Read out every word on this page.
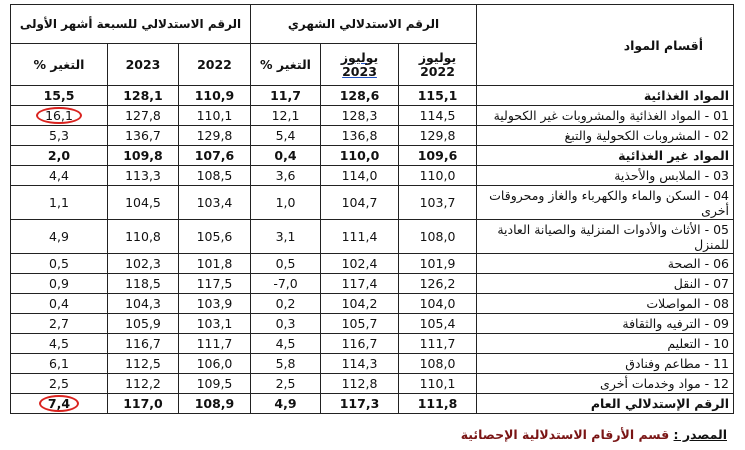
أقسام المواد	الرقم الاستدلالي الشهري			الرقم الاستدلالي للسبعة أشهر الأولى		
	يوليوز 2022	يوليوز 2023	التغير %	2022	2023	التغير %
المواد الغذائية	115,1	128,6	11,7	110,9	128,1	15,5
01 - المواد الغذائية والمشروبات غير الكحولية	114,5	128,3	12,1	110,1	127,8	16,1
02 - المشروبات الكحولية والتبغ	129,8	136,8	5,4	129,8	136,7	5,3
المواد غير الغذائية	109,6	110,0	0,4	107,6	109,8	2,0
03 - الملابس والأحذية	110,0	114,0	3,6	108,5	113,3	4,4
04 - السكن والماء والكهرباء والغاز ومحروقات أخرى	103,7	104,7	1,0	103,4	104,5	1,1
05 - الأثاث والأدوات المنزلية والصيانة العادية للمنزل	108,0	111,4	3,1	105,6	110,8	4,9
06 - الصحة	101,9	102,4	0,5	101,8	102,3	0,5
07 - النقل	126,2	117,4	-7,0	117,5	118,5	0,9
08 - المواصلات	104,0	104,2	0,2	103,9	104,3	0,4
09 - الترفيه والثقافة	105,4	105,7	0,3	103,1	105,9	2,7
10 - التعليم	111,7	116,7	4,5	111,7	116,7	4,5
11 - مطاعم وفنادق	108,0	114,3	5,8	106,0	112,5	6,1
12 - مواد وخدمات أخرى	110,1	112,8	2,5	109,5	112,2	2,5
الرقم الإستدلالي العام	111,8	117,3	4,9	108,9	117,0	7,4
المصدر : قسم الأرقام الاستدلالية الإحصائية
